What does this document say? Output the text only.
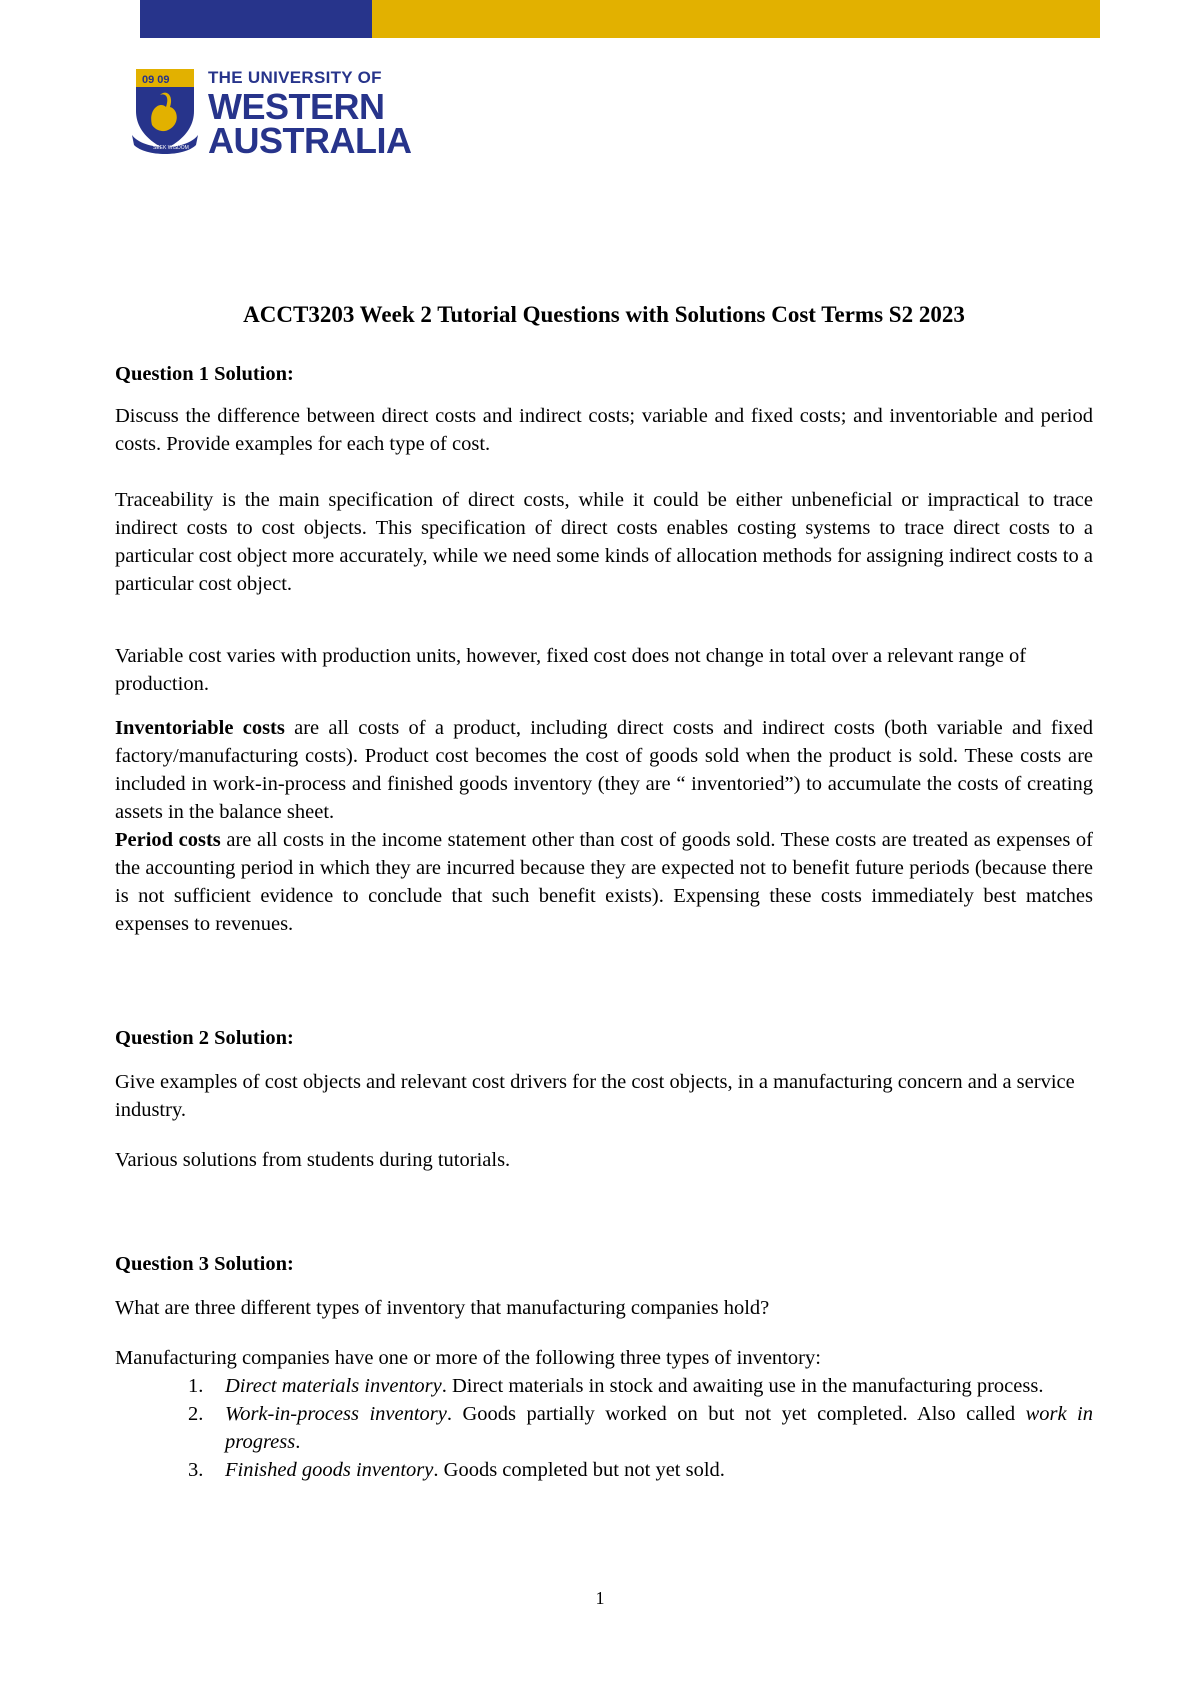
09 09
SEEK WISDOM
THE UNIVERSITY OF
WESTERN
AUSTRALIA
ACCT3203 Week 2 Tutorial Questions with Solutions Cost Terms S2 2023
Question 1 Solution:

Discuss the difference between direct costs and indirect costs; variable and fixed costs; and inventoriable and period costs. Provide examples for each type of cost.

Traceability is the main specification of direct costs, while it could be either unbeneficial or impractical to trace indirect costs to cost objects. This specification of direct costs enables costing systems to trace direct costs to a particular cost object more accurately, while we need some kinds of allocation methods for assigning indirect costs to a particular cost object.

Variable cost varies with production units, however, fixed cost does not change in total over a relevant range of production.

Inventoriable costs are all costs of a product, including direct costs and indirect costs (both variable and fixed factory/manufacturing costs). Product cost becomes the cost of goods sold when the product is sold. These costs are included in work-in-process and finished goods inventory (they are “ inventoried”) to accumulate the costs of creating assets in the balance sheet.

Period costs are all costs in the income statement other than cost of goods sold. These costs are treated as expenses of the accounting period in which they are incurred because they are expected not to benefit future periods (because there is not sufficient evidence to conclude that such benefit exists). Expensing these costs immediately best matches expenses to revenues.

Question 2 Solution:

Give examples of cost objects and relevant cost drivers for the cost objects, in a manufacturing concern and a service industry.

Various solutions from students during tutorials.

Question 3 Solution:

What are three different types of inventory that manufacturing companies hold?

Manufacturing companies have one or more of the following three types of inventory:

1. Direct materials inventory. Direct materials in stock and awaiting use in the manufacturing process.
2. Work-in-process inventory. Goods partially worked on but not yet completed. Also called work in progress.
3. Finished goods inventory. Goods completed but not yet sold.
1
